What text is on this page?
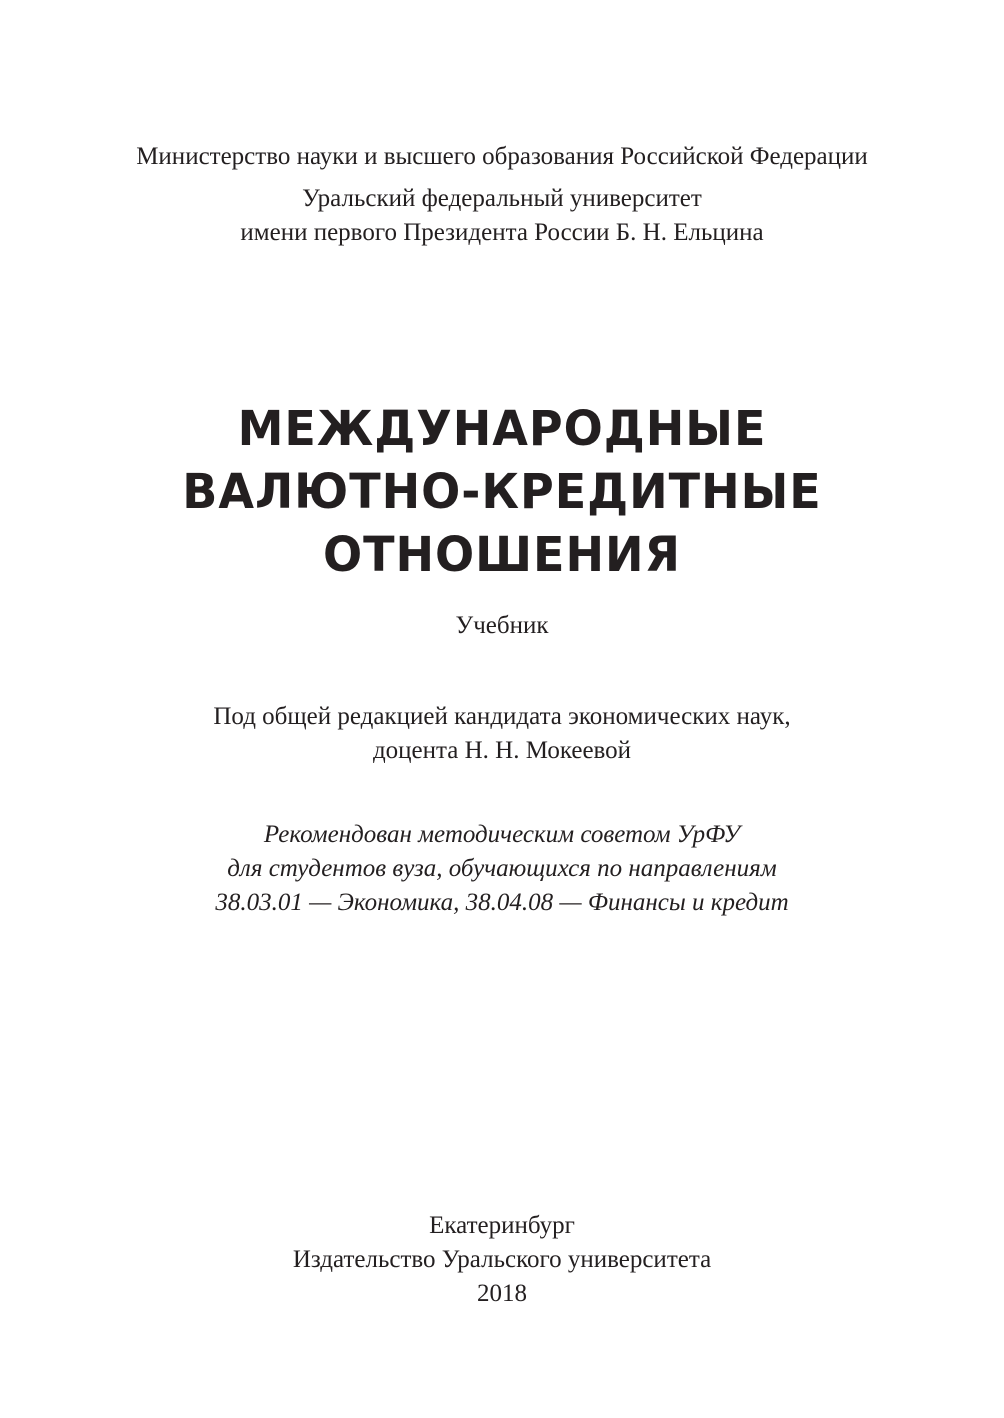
Министерство науки и высшего образования Российской Федерации
Уральский федеральный университет
имени первого Президента России Б. Н. Ельцина
МЕЖДУНАРОДНЫЕ
ВАЛЮТНО-КРЕДИТНЫЕ
ОТНОШЕНИЯ
Учебник
Под общей редакцией кандидата экономических наук,
доцента Н. Н. Мокеевой
Рекомендован методическим советом УрФУ
для студентов вуза, обучающихся по направлениям
38.03.01 — Экономика, 38.04.08 — Финансы и кредит
Екатеринбург
Издательство Уральского университета
2018
